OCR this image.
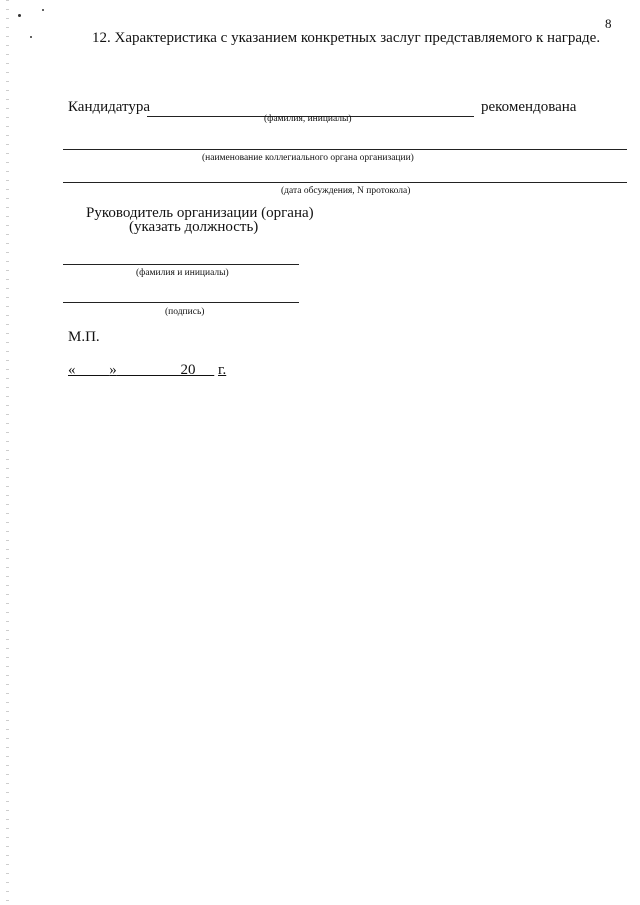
8
12. Характеристика с указанием конкретных заслуг представляемого к награде.
Кандидатура	рекомендована
(фамилия, инициалы)
(наименование коллегиального органа организации)
(дата обсуждения, N протокола)
Руководитель организации (органа)
(указать должность)
(фамилия и инициалы)
(подпись)
М.П.
« »	20 г.
